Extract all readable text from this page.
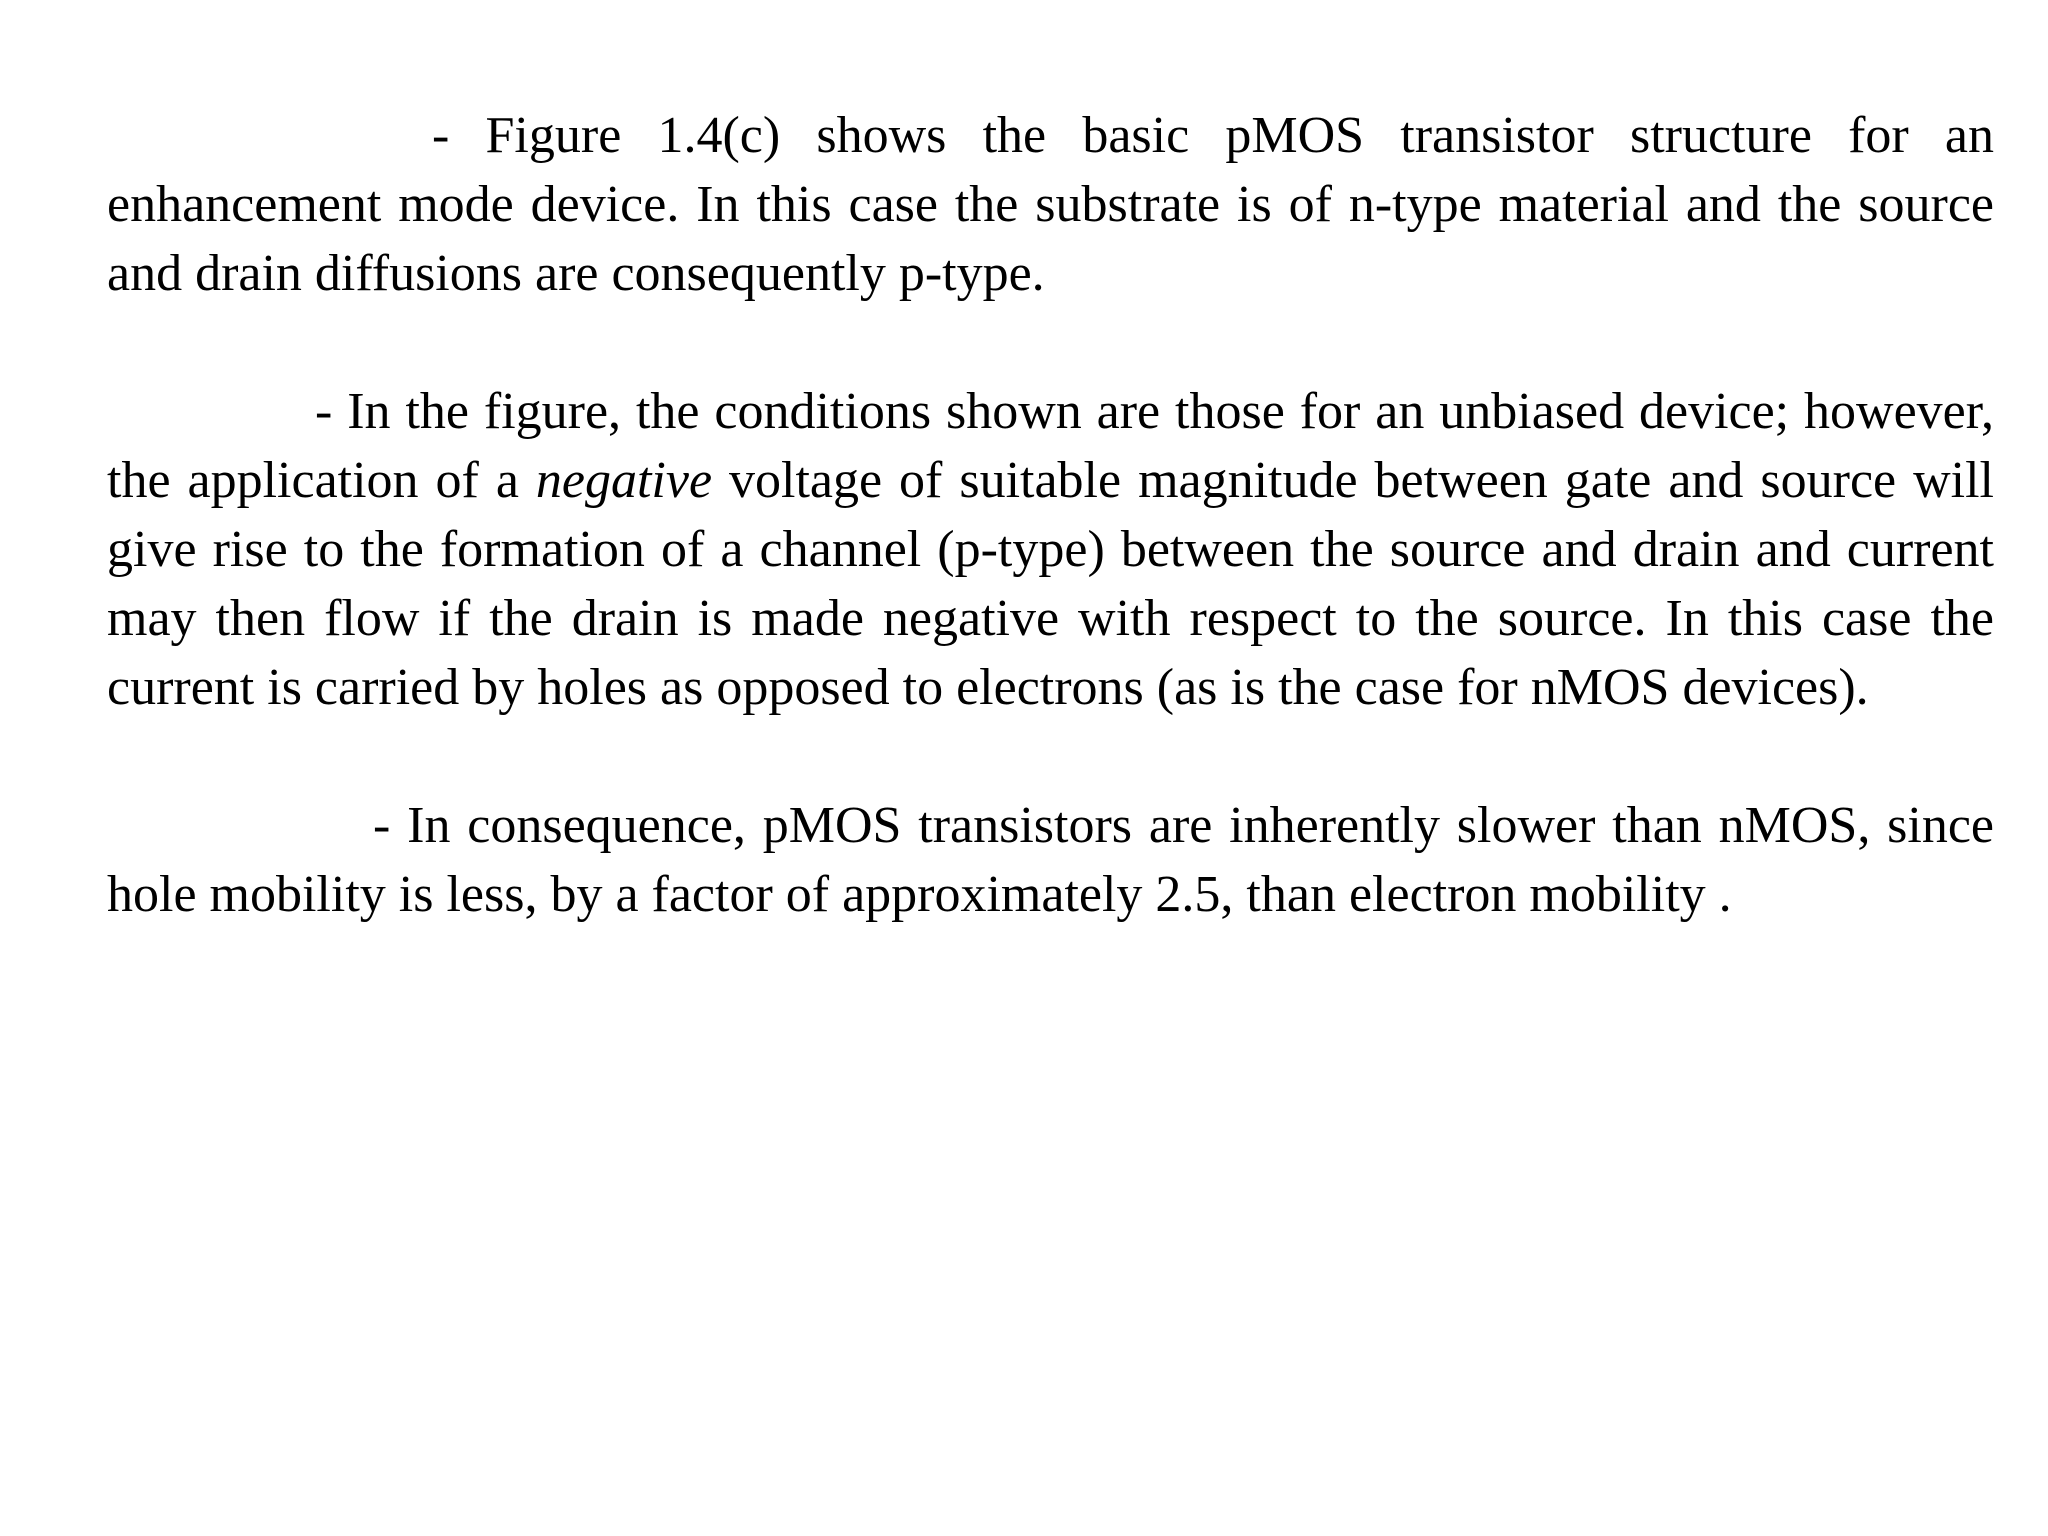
- Figure 1.4(c) shows the basic pMOS transistor structure for an enhancement mode device. In this case the substrate is of n-type material and the source and drain diffusions are consequently p-type.

- In the figure, the conditions shown are those for an unbiased device; however, the application of a negative voltage of suitable magnitude between gate and source will give rise to the formation of a channel (p-type) between the source and drain and current may then flow if the drain is made negative with respect to the source. In this case the current is carried by holes as opposed to electrons (as is the case for nMOS devices).

- In consequence, pMOS transistors are inherently slower than nMOS, since hole mobility is less, by a factor of approximately 2.5, than electron mobility .
